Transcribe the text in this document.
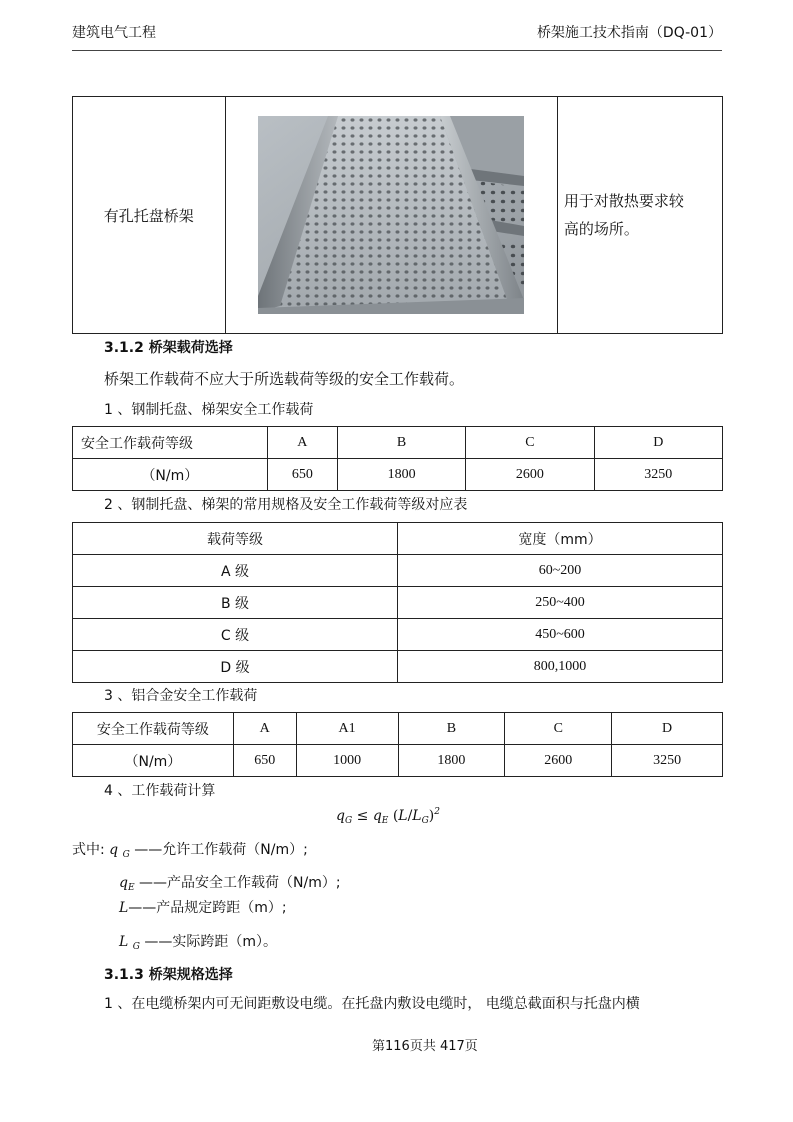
建筑电气工程	桥架施工技术指南（DQ-01）
有孔托盘桥架	

用于对散热要求较
高的场所。
3.1.2 桥架载荷选择
桥架工作载荷不应大于所选载荷等级的安全工作载荷。
1 、钢制托盘、梯架安全工作载荷
安全工作载荷等级	A	B	C	D
（N/m）	650	1800	2600	3250
2 、钢制托盘、梯架的常用规格及安全工作载荷等级对应表
载荷等级	宽度（mm）
A 级	60~200
B 级	250~400
C 级	450~600
D 级	800,1000
3 、铝合金安全工作载荷
安全工作载荷等级	A	A1	B	C	D
（N/m）	650	1000	1800	2600	3250
4 、工作载荷计算
$q_G \le q_E$ $(L/L_G)^2$
式中: q $_G$ ——允许工作载荷（N/m）;
$q_E$ ——产品安全工作载荷（N/m）;
L——产品规定跨距（m）;
L $_G$ ——实际跨距（m）。
3.1.3 桥架规格选择
1 、在电缆桥架内可无间距敷设电缆。在托盘内敷设电缆时， 电缆总截面积与托盘内横
第116页共 417页
